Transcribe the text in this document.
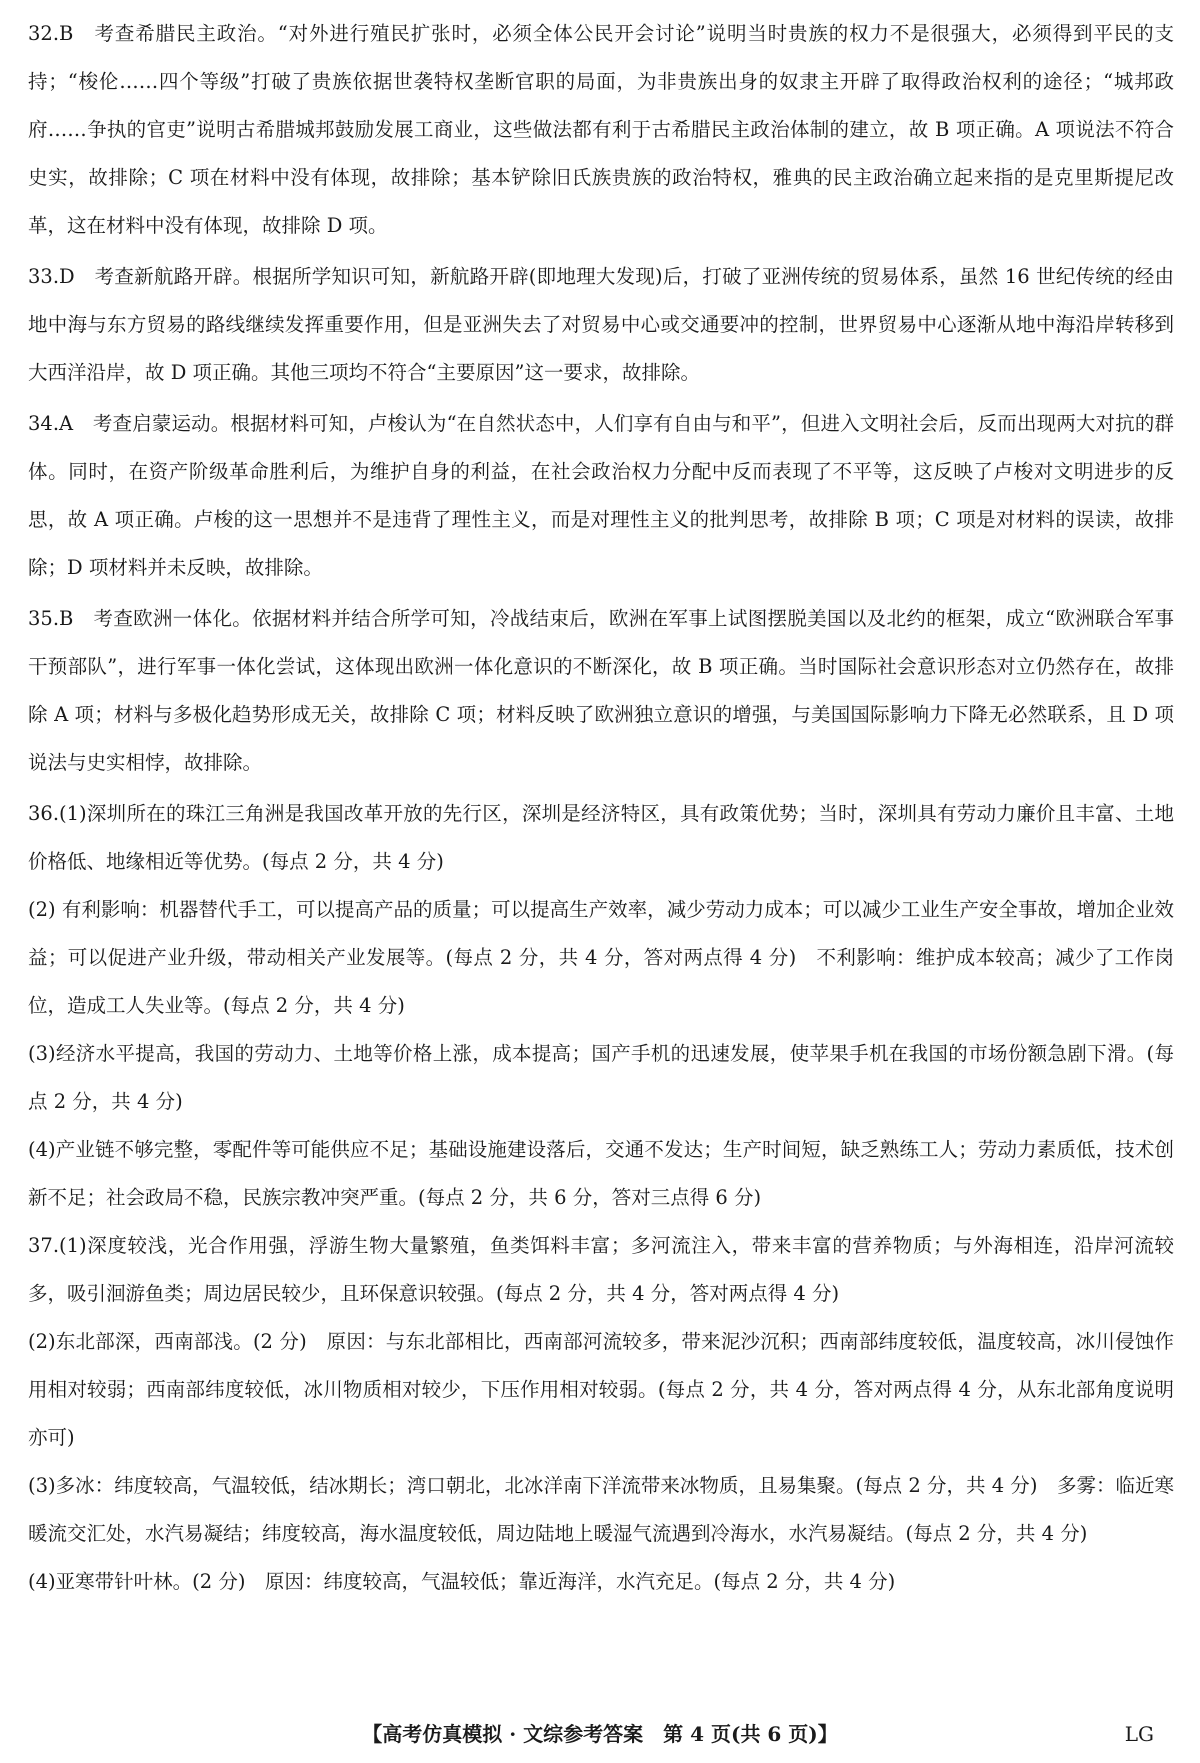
32.B　考查希腊民主政治。“对外进行殖民扩张时，必须全体公民开会讨论”说明当时贵族的权力不是很强大，必须得到平民的支持；“梭伦……四个等级”打破了贵族依据世袭特权垄断官职的局面，为非贵族出身的奴隶主开辟了取得政治权利的途径；“城邦政府……争执的官吏”说明古希腊城邦鼓励发展工商业，这些做法都有利于古希腊民主政治体制的建立，故 B 项正确。A 项说法不符合史实，故排除；C 项在材料中没有体现，故排除；基本铲除旧氏族贵族的政治特权，雅典的民主政治确立起来指的是克里斯提尼改革，这在材料中没有体现，故排除 D 项。

33.D　考查新航路开辟。根据所学知识可知，新航路开辟(即地理大发现)后，打破了亚洲传统的贸易体系，虽然 16 世纪传统的经由地中海与东方贸易的路线继续发挥重要作用，但是亚洲失去了对贸易中心或交通要冲的控制，世界贸易中心逐渐从地中海沿岸转移到大西洋沿岸，故 D 项正确。其他三项均不符合“主要原因”这一要求，故排除。

34.A　考查启蒙运动。根据材料可知，卢梭认为“在自然状态中，人们享有自由与和平”，但进入文明社会后，反而出现两大对抗的群体。同时，在资产阶级革命胜利后，为维护自身的利益，在社会政治权力分配中反而表现了不平等，这反映了卢梭对文明进步的反思，故 A 项正确。卢梭的这一思想并不是违背了理性主义，而是对理性主义的批判思考，故排除 B 项；C 项是对材料的误读，故排除；D 项材料并未反映，故排除。

35.B　考查欧洲一体化。依据材料并结合所学可知，冷战结束后，欧洲在军事上试图摆脱美国以及北约的框架，成立“欧洲联合军事干预部队”，进行军事一体化尝试，这体现出欧洲一体化意识的不断深化，故 B 项正确。当时国际社会意识形态对立仍然存在，故排除 A 项；材料与多极化趋势形成无关，故排除 C 项；材料反映了欧洲独立意识的增强，与美国国际影响力下降无必然联系，且 D 项说法与史实相悖，故排除。

36.(1)深圳所在的珠江三角洲是我国改革开放的先行区，深圳是经济特区，具有政策优势；当时，深圳具有劳动力廉价且丰富、土地价格低、地缘相近等优势。(每点 2 分，共 4 分)

(2) 有利影响：机器替代手工，可以提高产品的质量；可以提高生产效率，减少劳动力成本；可以减少工业生产安全事故，增加企业效益；可以促进产业升级，带动相关产业发展等。(每点 2 分，共 4 分，答对两点得 4 分)　不利影响：维护成本较高；减少了工作岗位，造成工人失业等。(每点 2 分，共 4 分)

(3)经济水平提高，我国的劳动力、土地等价格上涨，成本提高；国产手机的迅速发展，使苹果手机在我国的市场份额急剧下滑。(每点 2 分，共 4 分)

(4)产业链不够完整，零配件等可能供应不足；基础设施建设落后，交通不发达；生产时间短，缺乏熟练工人；劳动力素质低，技术创新不足；社会政局不稳，民族宗教冲突严重。(每点 2 分，共 6 分，答对三点得 6 分)

37.(1)深度较浅，光合作用强，浮游生物大量繁殖，鱼类饵料丰富；多河流注入，带来丰富的营养物质；与外海相连，沿岸河流较多，吸引洄游鱼类；周边居民较少，且环保意识较强。(每点 2 分，共 4 分，答对两点得 4 分)

(2)东北部深，西南部浅。(2 分)　原因：与东北部相比，西南部河流较多，带来泥沙沉积；西南部纬度较低，温度较高，冰川侵蚀作用相对较弱；西南部纬度较低，冰川物质相对较少，下压作用相对较弱。(每点 2 分，共 4 分，答对两点得 4 分，从东北部角度说明亦可)

(3)多冰：纬度较高，气温较低，结冰期长；湾口朝北，北冰洋南下洋流带来冰物质，且易集聚。(每点 2 分，共 4 分)　多雾：临近寒暖流交汇处，水汽易凝结；纬度较高，海水温度较低，周边陆地上暖湿气流遇到冷海水，水汽易凝结。(每点 2 分，共 4 分)

(4)亚寒带针叶林。(2 分)　原因：纬度较高，气温较低；靠近海洋，水汽充足。(每点 2 分，共 4 分)

【高考仿真模拟 · 文综参考答案　第 4 页(共 6 页)】	LG
